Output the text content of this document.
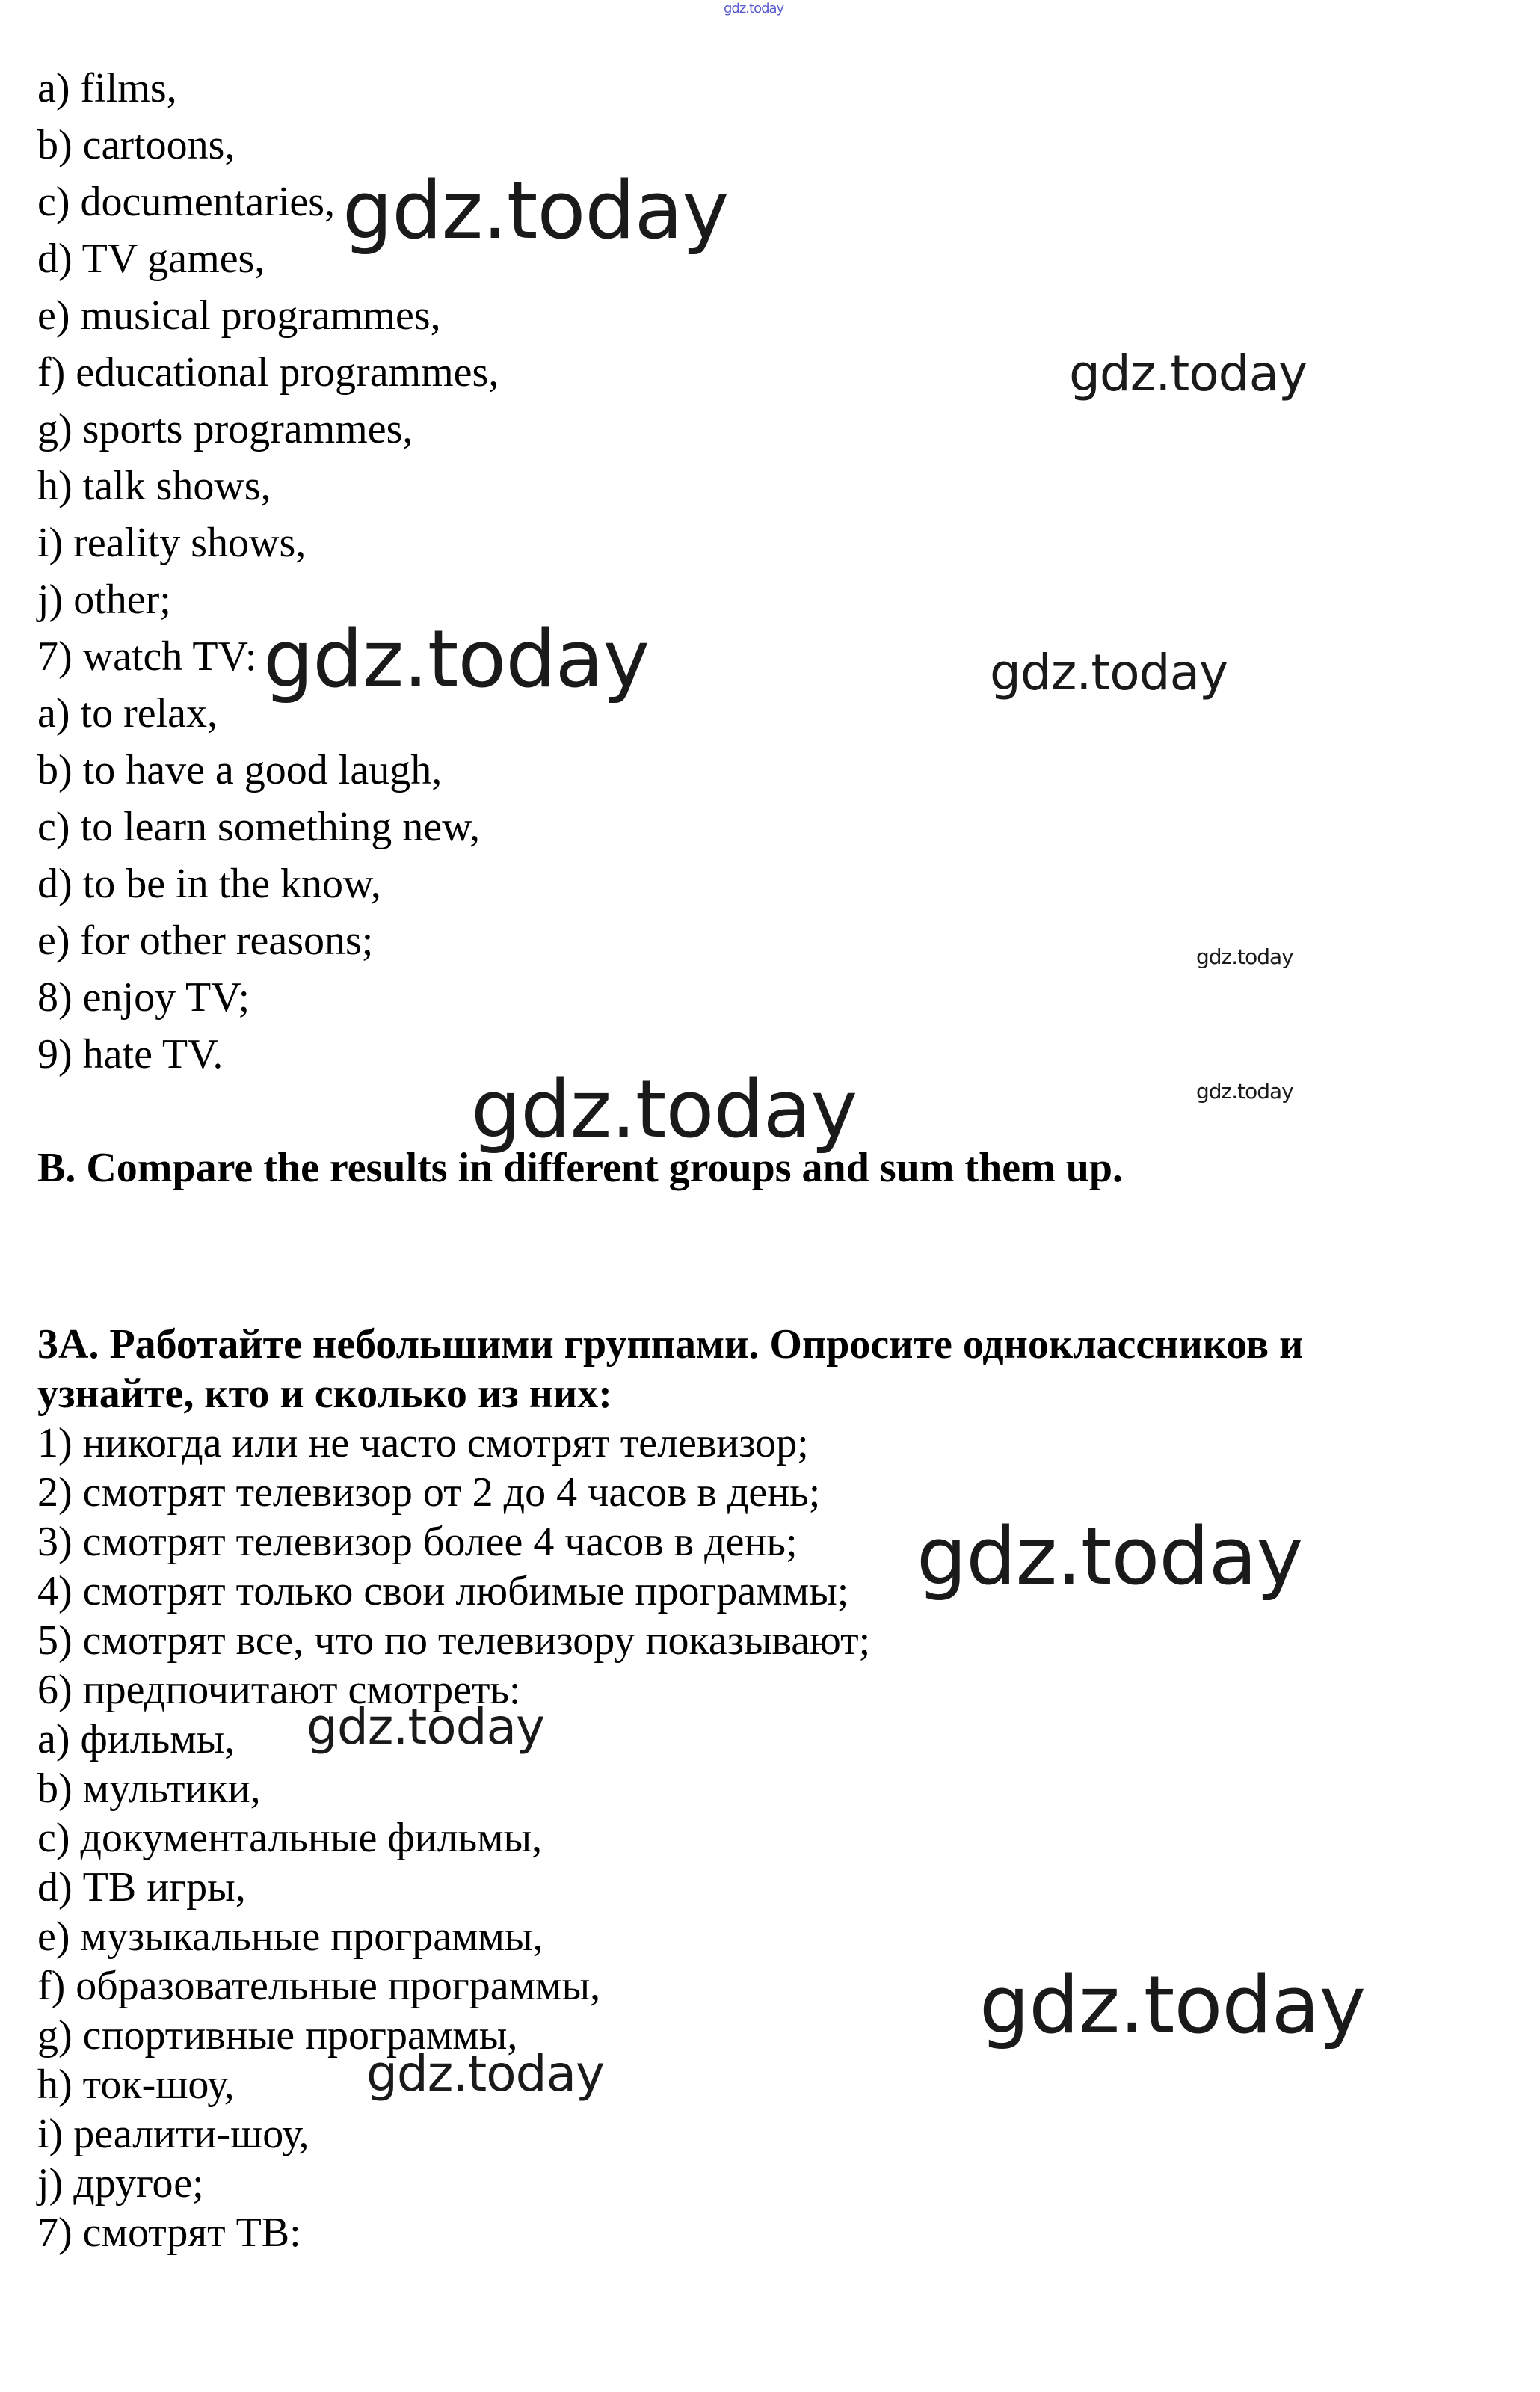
gdz.today

a) films,

b) cartoons,

c) documentaries,

d) TV games,

e) musical programmes,

f) educational programmes,

g) sports programmes,

h) talk shows,

i) reality shows,

j) other;

7) watch TV:

a) to relax,

b) to have a good laugh,

c) to learn something new,

d) to be in the know,

e) for other reasons;

8) enjoy TV;

9) hate TV.

B. Compare the results in different groups and sum them up.

3A. Работайте небольшими группами. Опросите одноклассников и

узнайте, кто и сколько из них:

1) никогда или не часто смотрят телевизор;

2) смотрят телевизор от 2 до 4 часов в день;

3) смотрят телевизор более 4 часов в день;

4) смотрят только свои любимые программы;

5) смотрят все, что по телевизору показывают;

6) предпочитают смотреть:

a) фильмы,

b) мультики,

c) документальные фильмы,

d) ТВ игры,

e) музыкальные программы,

f) образовательные программы,

g) спортивные программы,

h) ток-шоу,

i) реалити-шоу,

j) другое;

7) смотрят ТВ:

gdz.today

gdz.today

gdz.today	gdz.today

gdz.today

gdz.today	gdz.today

gdz.today

gdz.today

gdz.today

gdz.today
